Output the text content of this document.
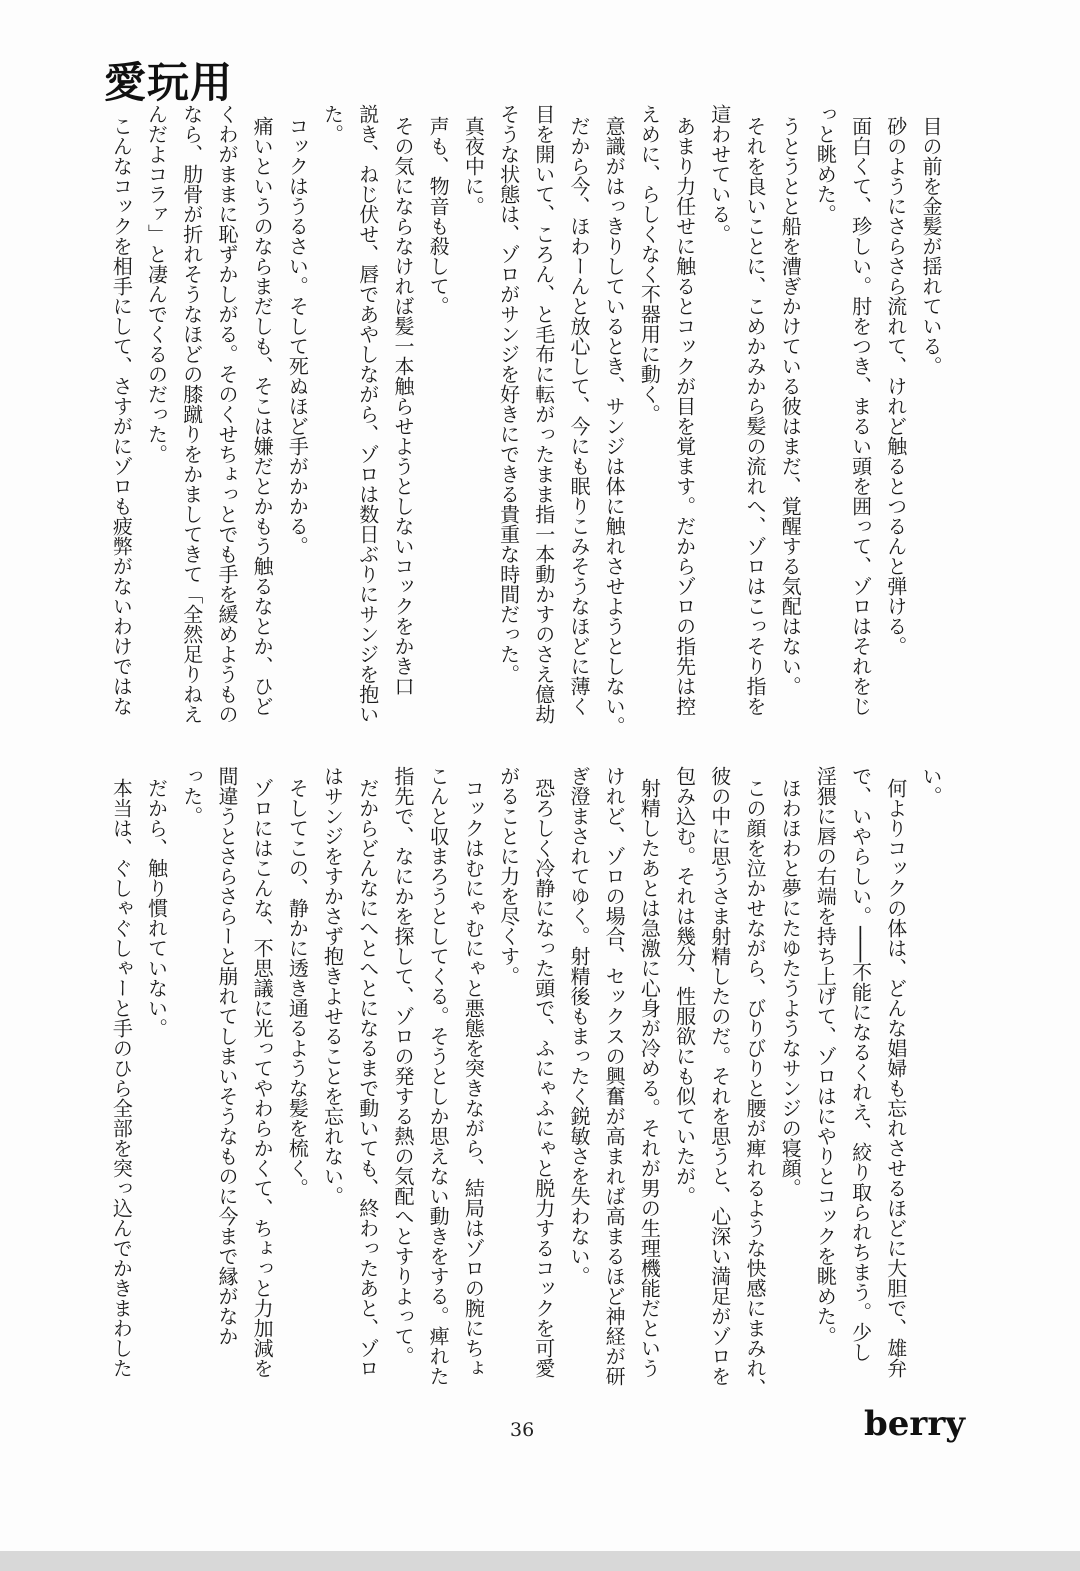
愛玩用
目の前を金髪が揺れている。
砂のようにさらさら流れて、けれど触るとつるんと弾ける。
面白くて、珍しい。肘をつき、まるい頭を囲って、ゾロはそれをじ
っと眺めた。
うとうとと船を漕ぎかけている彼はまだ、覚醒する気配はない。
それを良いことに、こめかみから髪の流れへ、ゾロはこっそり指を
這わせている。
あまり力任せに触るとコックが目を覚ます。だからゾロの指先は控
えめに、らしくなく不器用に動く。
意識がはっきりしているとき、サンジは体に触れさせようとしない。
だから今、ほわーんと放心して、今にも眠りこみそうなほどに薄く
目を開いて、ころん、と毛布に転がったまま指一本動かすのさえ億劫
そうな状態は、ゾロがサンジを好きにできる貴重な時間だった。
真夜中に。
声も、物音も殺して。
その気にならなければ髪一本触らせようとしないコックをかき口
説き、ねじ伏せ、唇であやしながら、ゾロは数日ぶりにサンジを抱い
た。
コックはうるさい。そして死ぬほど手がかかる。
痛いというのならまだしも、そこは嫌だとかもう触るなとか、ひど
くわがままに恥ずかしがる。そのくせちょっとでも手を緩めようもの
なら、肋骨が折れそうなほどの膝蹴りをかましてきて「全然足りねえ
んだよコラァ」と凄んでくるのだった。
こんなコックを相手にして、さすがにゾロも疲弊がないわけではな
い。
何よりコックの体は、どんな娼婦も忘れさせるほどに大胆で、雄弁
で、いやらしい。───不能になるくれえ、絞り取られちまう。少し
淫猥に唇の右端を持ち上げて、ゾロはにやりとコックを眺めた。
ほわほわと夢にたゆたうようなサンジの寝顔。
この顔を泣かせながら、びりびりと腰が痺れるような快感にまみれ、
彼の中に思うさま射精したのだ。それを思うと、心深い満足がゾロを
包み込む。それは幾分、性服欲にも似ていたが。
射精したあとは急激に心身が冷める。それが男の生理機能だという
けれど、ゾロの場合、セックスの興奮が高まれば高まるほど神経が研
ぎ澄まされてゆく。射精後もまったく鋭敏さを失わない。
恐ろしく冷静になった頭で、ふにゃふにゃと脱力するコックを可愛
がることに力を尽くす。
コックはむにゃむにゃと悪態を突きながら、結局はゾロの腕にちょ
こんと収まろうとしてくる。そうとしか思えない動きをする。痺れた
指先で、なにかを探して、ゾロの発する熱の気配へとすりよって。
だからどんなにへとへとになるまで動いても、終わったあと、ゾロ
はサンジをすかさず抱きよせることを忘れない。
そしてこの、静かに透き通るような髪を梳く。
ゾロにはこんな、不思議に光ってやわらかくて、ちょっと力加減を
間違うとさらさらーと崩れてしまいそうなものに今まで縁がなか
った。
だから、触り慣れていない。
本当は、ぐしゃぐしゃーと手のひら全部を突っ込んでかきまわした
36	berry
